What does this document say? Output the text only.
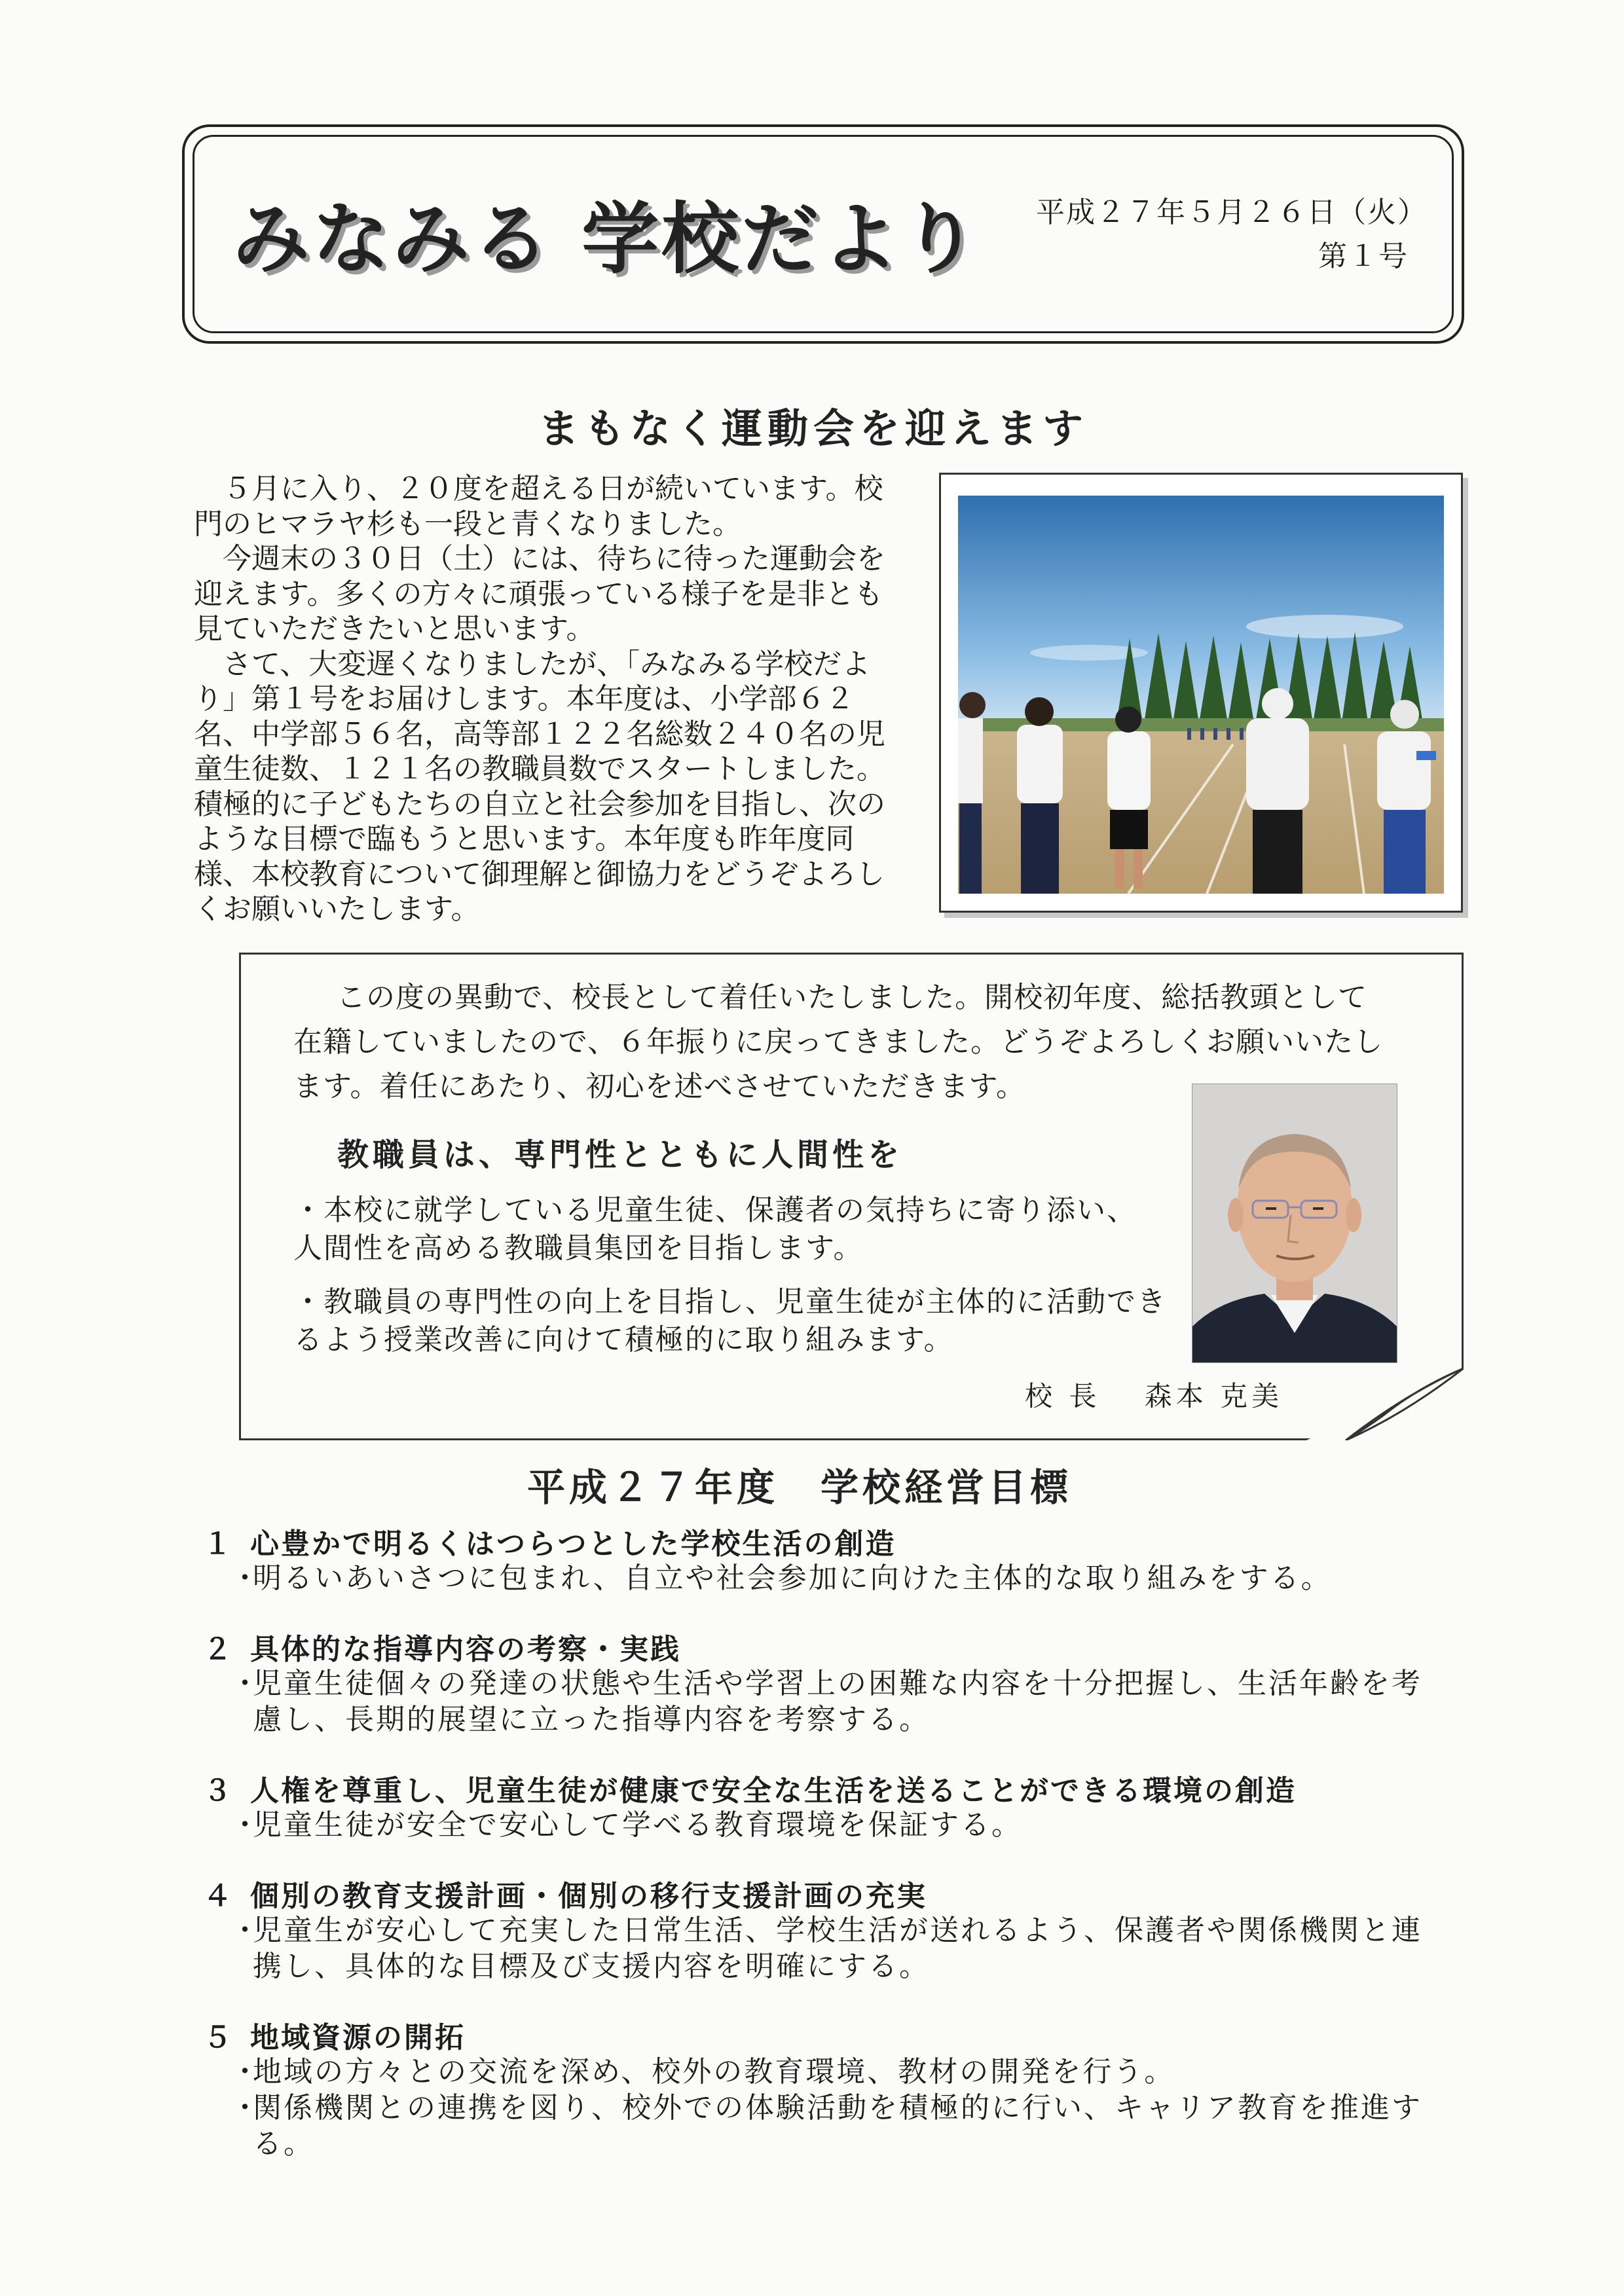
みなみる 学校だより 平成２７年５月２６日（火）
第１号
まもなく運動会を迎えます

５月に入り、２０度を超える日が続いています。校門のヒマラヤ杉も一段と青くなりました。

今週末の３０日（土）には、待ちに待った運動会を迎えます。多くの方々に頑張っている様子を是非とも見ていただきたいと思います。

さて、大変遅くなりましたが、「みなみる学校だより」第１号をお届けします。本年度は、小学部６２名、中学部５６名，高等部１２２名総数２４０名の児童生徒数、１２１名の教職員数でスタートしました。積極的に子どもたちの自立と社会参加を目指し、次のような目標で臨もうと思います。本年度も昨年度同様、本校教育について御理解と御協力をどうぞよろしくお願いいたします。

この度の異動で、校長として着任いたしました。開校初年度、総括教頭として在籍していましたので、６年振りに戻ってきました。どうぞよろしくお願いいたします。着任にあたり、初心を述べさせていただきます。

教職員は、専門性とともに人間性を
・本校に就学している児童生徒、保護者の気持ちに寄り添い、人間性を高める教職員集団を目指します。
・教職員の専門性の向上を目指し、児童生徒が主体的に活動できるよう授業改善に向けて積極的に取り組みます。
校 長　 森本 克美
平成２７年度　学校経営目標
１ 心豊かで明るくはつらつとした学校生活の創造
・明るいあいさつに包まれ、自立や社会参加に向けた主体的な取り組みをする。
２ 具体的な指導内容の考察・実践
・児童生徒個々の発達の状態や生活や学習上の困難な内容を十分把握し、生活年齢を考慮し、長期的展望に立った指導内容を考察する。
３ 人権を尊重し、児童生徒が健康で安全な生活を送ることができる環境の創造
・児童生徒が安全で安心して学べる教育環境を保証する。
４ 個別の教育支援計画・個別の移行支援計画の充実
・児童生が安心して充実した日常生活、学校生活が送れるよう、保護者や関係機関と連携し、具体的な目標及び支援内容を明確にする。
５ 地域資源の開拓
・地域の方々との交流を深め、校外の教育環境、教材の開発を行う。
・関係機関との連携を図り、校外での体験活動を積極的に行い、キャリア教育を推進する。
